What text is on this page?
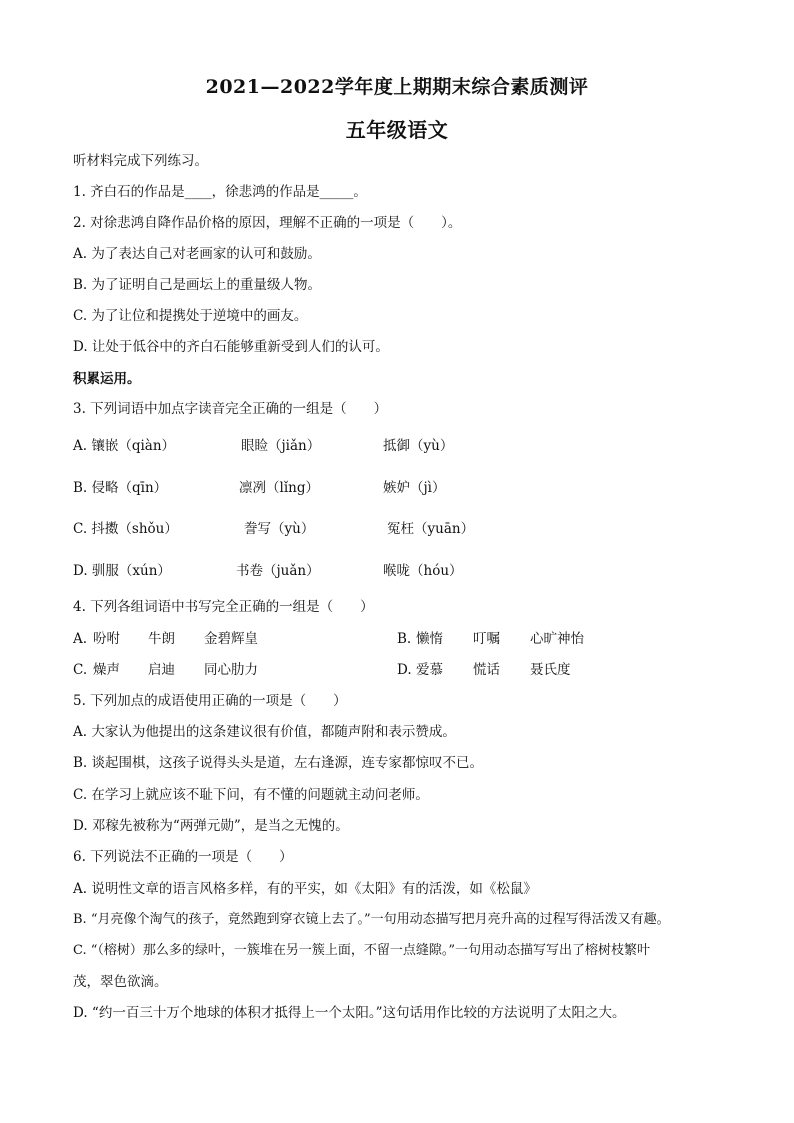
2021—2022学年度上期期末综合素质测评
五年级语文
听材料完成下列练习。
1. 齐白石的作品是____，徐悲鸿的作品是_____。
2. 对徐悲鸿自降作品价格的原因，理解不正确的一项是（　　）。
A. 为了表达自己对老画家的认可和鼓励。
B. 为了证明自己是画坛上的重量级人物。
C. 为了让位和提携处于逆境中的画友。
D. 让处于低谷中的齐白石能够重新受到人们的认可。
积累运用。
3. 下列词语中加点字读音完全正确的一组是（　　）
A. 镶嵌（qiàn）	眼睑（jiǎn）	抵御（yù）
B. 侵略（qīn）	凛冽（lǐng）	嫉妒（jì）
C. 抖擞（shǒu）	誊写（yù）	冤枉（yuān）
D. 驯服（xún）	书卷（juǎn）	喉咙（hóu）
4. 下列各组词语中书写完全正确的一组是（　　）
A. 吩咐 牛朗 金碧辉皇	B. 懒惰 叮嘱 心旷神怡
C. 燥声 启迪 同心肋力	D. 爱慕 慌话 聂氏度
5. 下列加点的成语使用正确的一项是（　　）
A. 大家认为他提出的这条建议很有价值，都随声附和表示赞成。
B. 谈起围棋，这孩子说得头头是道，左右逢源，连专家都惊叹不已。
C. 在学习上就应该不耻下问，有不懂的问题就主动问老师。
D. 邓稼先被称为“两弹元勋”，是当之无愧的。
6. 下列说法不正确的一项是（　　）
A. 说明性文章的语言风格多样，有的平实，如《太阳》有的活泼，如《松鼠》
B. “月亮像个淘气的孩子，竟然跑到穿衣镜上去了。”一句用动态描写把月亮升高的过程写得活泼又有趣。
C. “（榕树）那么多的绿叶，一簇堆在另一簇上面，不留一点缝隙。”一句用动态描写写出了榕树枝繁叶
茂，翠色欲滴。
D. “约一百三十万个地球的体积才抵得上一个太阳。”这句话用作比较的方法说明了太阳之大。
